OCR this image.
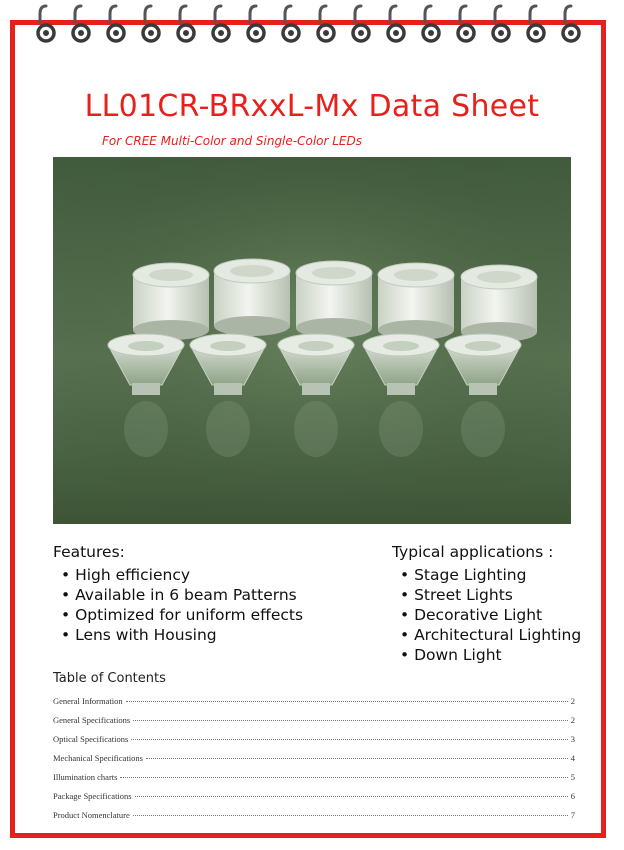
LL01CR-BRxxL-Mx Data Sheet
For CREE Multi-Color and Single-Color LEDs
Features:
• High efficiency
• Available in 6 beam Patterns
• Optimized for uniform effects
• Lens with Housing
Typical applications :
• Stage Lighting
• Street Lights
• Decorative Light
• Architectural Lighting
• Down Light
Table of Contents
General Information	2
General Specifications	2
Optical Specifications	3
Mechanical Specifications	4
Illumination charts	5
Package Specifications	6
Product Nomenclature	7
